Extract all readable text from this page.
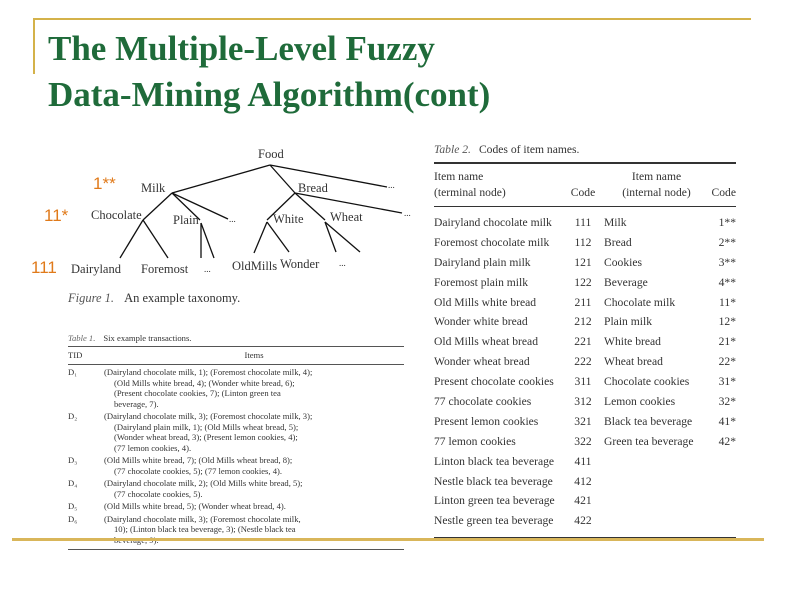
The Multiple-Level Fuzzy
Data-Mining Algorithm(cont)
Food
Milk	Bread	...
Chocolate	Plain	...	White Wheat	...
Dairyland Foremost ... OldMills Wonder ...
1**
11*
111
Figure 1. An example taxonomy.
Table 1. Six example transactions.
TID	Items
D₁	(Dairyland chocolate milk, 1); (Foremost chocolate milk, 4);
(Old Mills white bread, 4); (Wonder white bread, 6);
(Present chocolate cookies, 7); (Linton green tea
beverage, 7).
D₂	(Dairyland chocolate milk, 3); (Foremost chocolate milk, 3);
(Dairyland plain milk, 1); (Old Mills wheat bread, 5);
(Wonder wheat bread, 3); (Present lemon cookies, 4);
(77 lemon cookies, 4).
D₃	(Old Mills white bread, 7); (Old Mills wheat bread, 8);
(77 chocolate cookies, 5); (77 lemon cookies, 4).
D₄	(Dairyland chocolate milk, 2); (Old Mills white bread, 5);
(77 chocolate cookies, 5).
D₅	(Old Mills white bread, 5); (Wonder wheat bread, 4).
D₆	(Dairyland chocolate milk, 3); (Foremost chocolate milk,
10); (Linton black tea beverage, 3); (Nestle black tea
Table 2. Codes of item names.
Item name
(terminal node)	Code
Item name
(internal node)	Code
Dairyland chocolate milk	111	Milk	1**
Foremost chocolate milk	112	Bread	2**
Dairyland plain milk	121	Cookies	3**
Foremost plain milk	122	Beverage	4**
Old Mills white bread	211	Chocolate milk	11*
Wonder white bread	212	Plain milk	12*
Old Mills wheat bread	221	White bread	21*
Wonder wheat bread	222	Wheat bread	22*
Present chocolate cookies	311	Chocolate cookies	31*
77 chocolate cookies	312	Lemon cookies	32*
Present lemon cookies	321	Black tea beverage	41*
77 lemon cookies	322	Green tea beverage	42*
Linton black tea beverage	411
Nestle black tea beverage	412
Linton green tea beverage	421
Nestle green tea beverage	422
